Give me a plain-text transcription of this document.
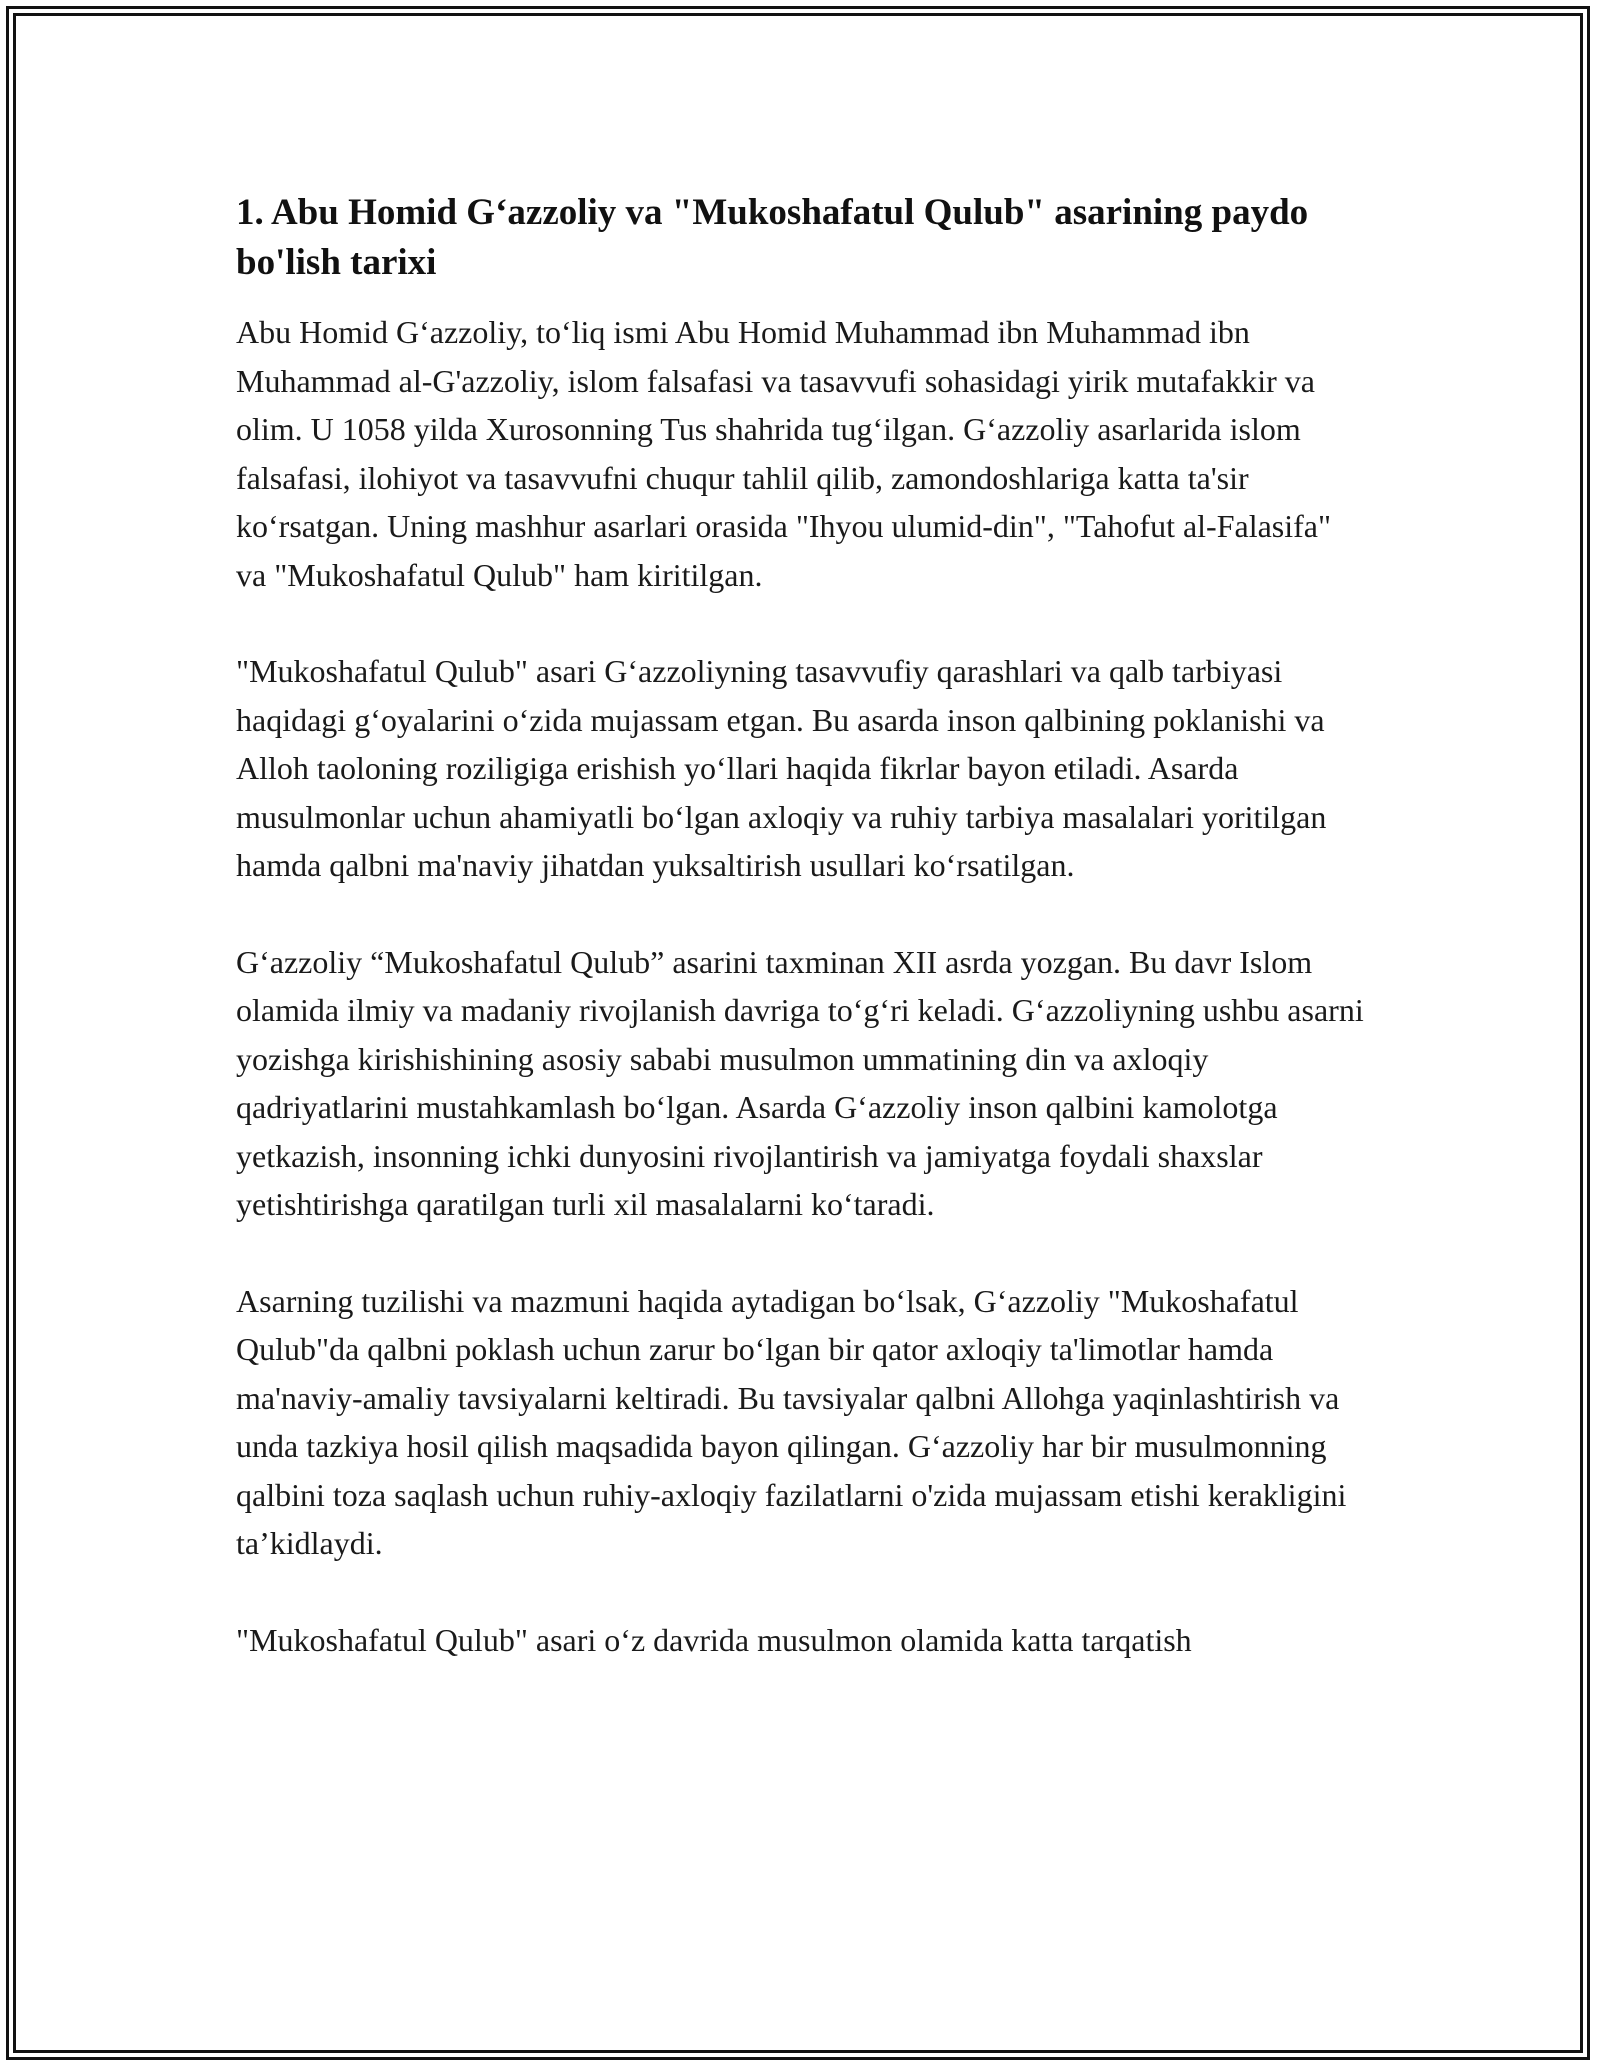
1. Abu Homid G‘azzoliy va "Mukoshafatul Qulub" asarining paydo bo'lish tarixi

Abu Homid G‘azzoliy, to‘liq ismi Abu Homid Muhammad ibn Muhammad ibn Muhammad al-G'azzoliy, islom falsafasi va tasavvufi sohasidagi yirik mutafakkir va olim. U 1058 yilda Xurosonning Tus shahrida tug‘ilgan. G‘azzoliy asarlarida islom falsafasi, ilohiyot va tasavvufni chuqur tahlil qilib, zamondoshlariga katta ta'sir ko‘rsatgan. Uning mashhur asarlari orasida "Ihyou ulumid-din", "Tahofut al-Falasifa" va "Mukoshafatul Qulub" ham kiritilgan.

"Mukoshafatul Qulub" asari G‘azzoliyning tasavvufiy qarashlari va qalb tarbiyasi haqidagi g‘oyalarini o‘zida mujassam etgan. Bu asarda inson qalbining poklanishi va Alloh taoloning roziligiga erishish yo‘llari haqida fikrlar bayon etiladi. Asarda musulmonlar uchun ahamiyatli bo‘lgan axloqiy va ruhiy tarbiya masalalari yoritilgan hamda qalbni ma'naviy jihatdan yuksaltirish usullari ko‘rsatilgan.

G‘azzoliy “Mukoshafatul Qulub” asarini taxminan XII asrda yozgan. Bu davr Islom olamida ilmiy va madaniy rivojlanish davriga to‘g‘ri keladi. G‘azzoliyning ushbu asarni yozishga kirishishining asosiy sababi musulmon ummatining din va axloqiy qadriyatlarini mustahkamlash bo‘lgan. Asarda G‘azzoliy inson qalbini kamolotga yetkazish, insonning ichki dunyosini rivojlantirish va jamiyatga foydali shaxslar yetishtirishga qaratilgan turli xil masalalarni ko‘taradi.

Asarning tuzilishi va mazmuni haqida aytadigan bo‘lsak, G‘azzoliy "Mukoshafatul Qulub"da qalbni poklash uchun zarur bo‘lgan bir qator axloqiy ta'limotlar hamda ma'naviy-amaliy tavsiyalarni keltiradi. Bu tavsiyalar qalbni Allohga yaqinlashtirish va unda tazkiya hosil qilish maqsadida bayon qilingan. G‘azzoliy har bir musulmonning qalbini toza saqlash uchun ruhiy-axloqiy fazilatlarni o'zida mujassam etishi kerakligini ta’kidlaydi.

"Mukoshafatul Qulub" asari o‘z davrida musulmon olamida katta tarqatish
